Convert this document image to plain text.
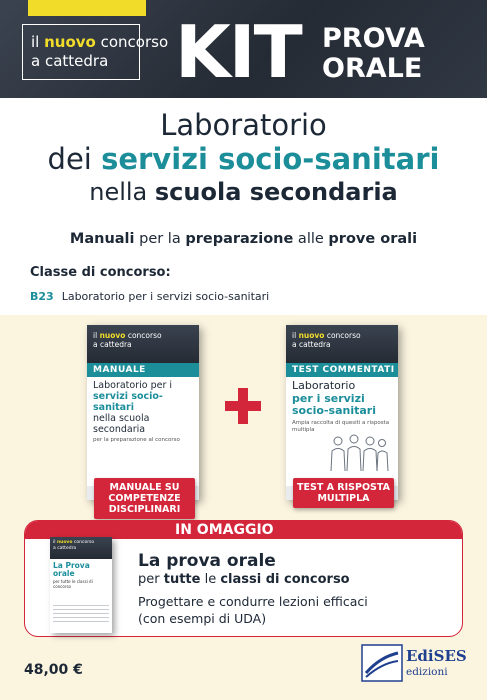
il nuovo concorso
a cattedra KIT PROVA
ORALE
Laboratorio
dei servizi socio-sanitari
nella scuola secondaria
Manuali per la preparazione alle prove orali
Classe di concorso:
B23 Laboratorio per i servizi socio-sanitari
il nuovo concorso
a cattedra
MANUALE
Laboratorio per i
servizi socio-sanitari
nella scuola secondaria
per la preparazione al concorso
il nuovo concorso
a cattedra
TEST COMMENTATI
Laboratorio
per i servizi
socio-sanitari
Ampia raccolta di quesiti a risposta multipla
MANUALE SU COMPETENZE DISCIPLINARI
TEST A RISPOSTA MULTIPLA
IN OMAGGIO
il nuovo concorso
a cattedra
La Prova orale
per tutte le classi di concorso
La prova orale
per tutte le classi di concorso
Progettare e condurre lezioni efficaci
(con esempi di UDA)
48,00 €
EdiSES
edizioni
